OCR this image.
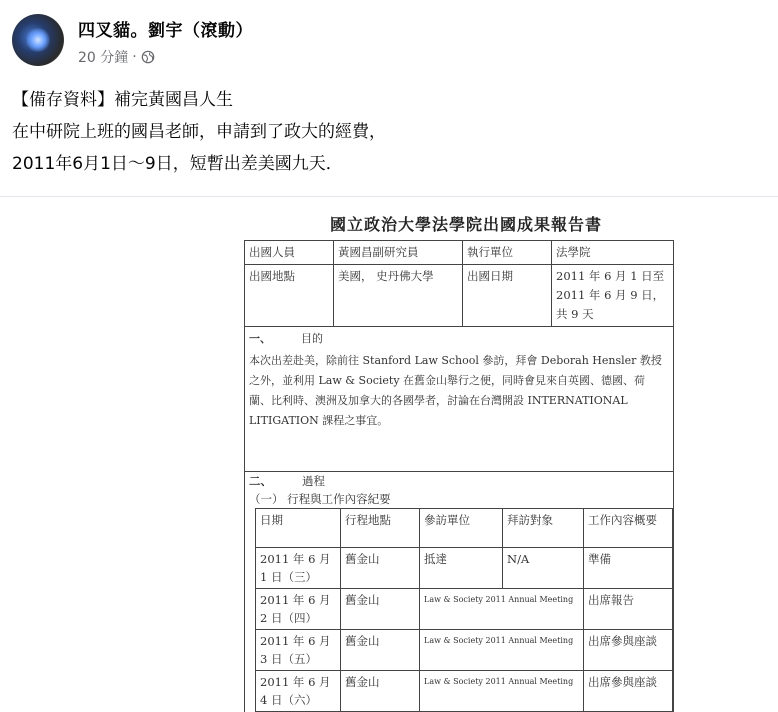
四叉貓。劉宇（滾動）
20 分鐘 ·
【備存資料】補完黃國昌人生
在中研院上班的國昌老師，申請到了政大的經費，
2011年6月1日～9日，短暫出差美國九天．
國立政治大學法學院出國成果報告書
出國人員	黃國昌副研究員	執行單位	法學院
出國地點	美國， 史丹佛大學	出國日期	2011 年 6 月 1 日至 2011 年 6 月 9 日，共 9 天
一、	目的
本次出差赴美，除前往 Stanford Law School 參訪，拜會 Deborah Hensler 教授之外，並利用 Law & Society 在舊金山舉行之便，同時會見來自英國、德國、荷蘭、比利時、澳洲及加拿大的各國學者，討論在台灣開設 INTERNATIONAL LITIGATION 課程之事宜。
二、	過程
（一） 行程與工作內容紀要
日期	行程地點	參訪單位	拜訪對象	工作內容概要
2011 年 6 月 1 日（三）	舊金山	抵達	N/A	準備
2011 年 6 月 2 日（四）	舊金山	Law & Society 2011 Annual Meeting		出席報告
2011 年 6 月 3 日（五）	舊金山	Law & Society 2011 Annual Meeting		出席參與座談
2011 年 6 月 4 日（六）	舊金山	Law & Society 2011 Annual Meeting		出席參與座談
